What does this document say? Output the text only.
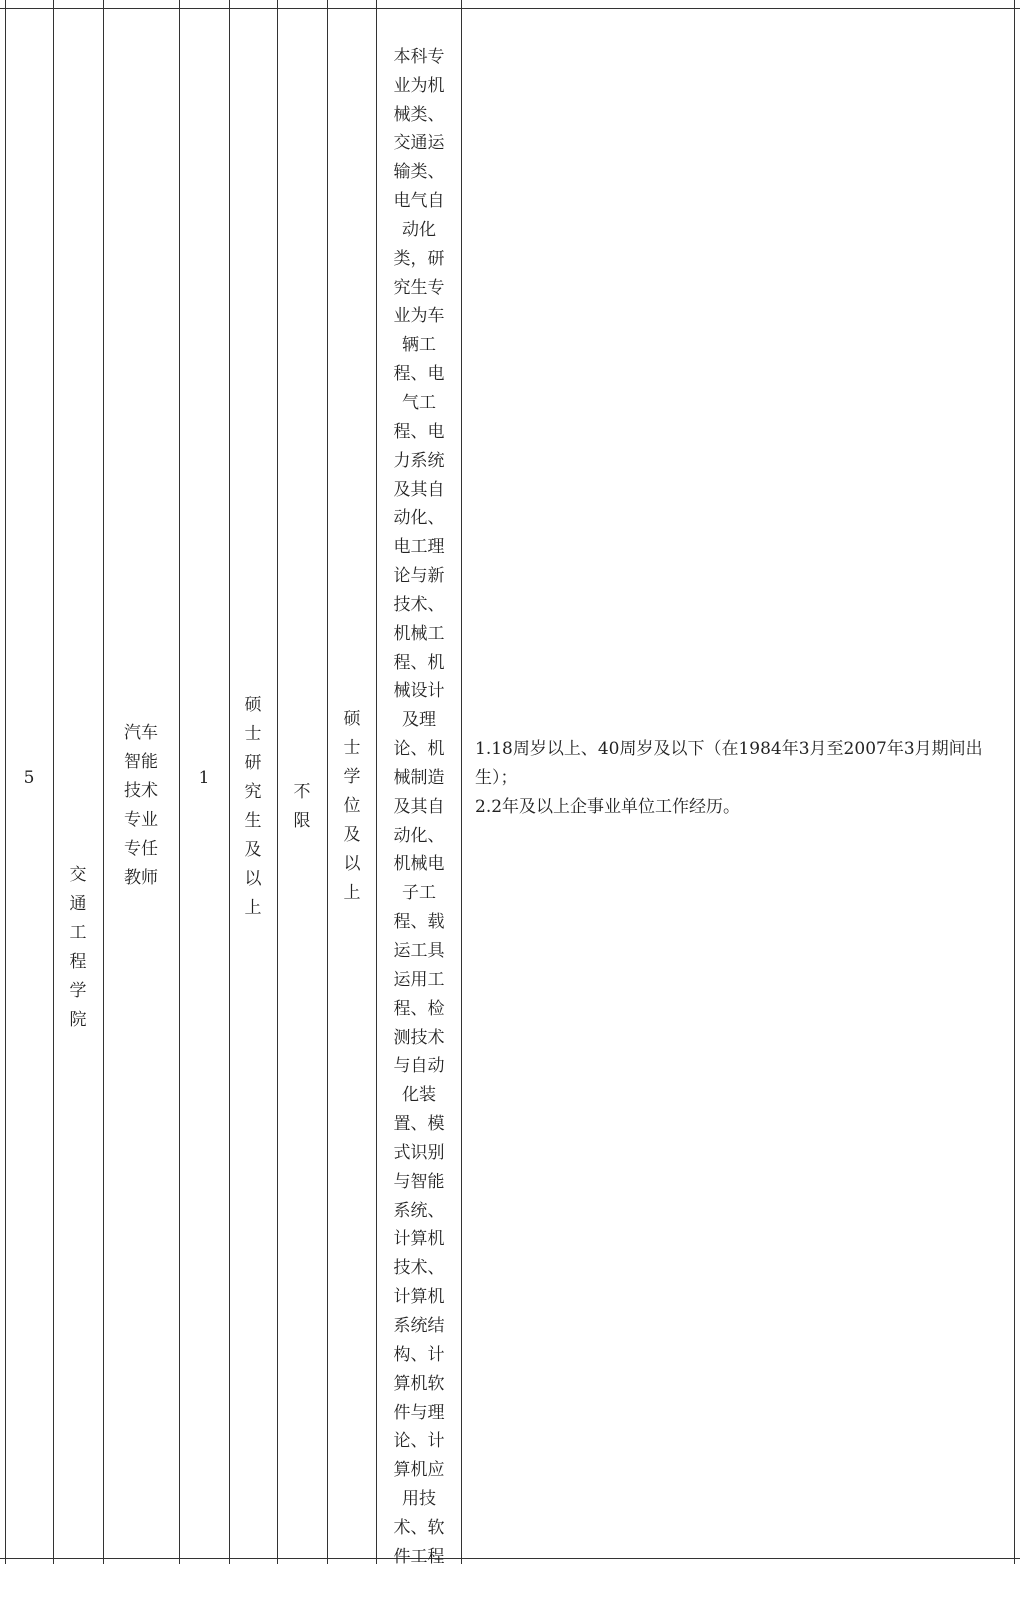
5

交
通
工
程
学
院

汽车
智能
技术
专业
专任
教师

1

硕
士
研
究
生
及
以
上

不
限

硕
士
学
位
及
以
上

本科专
业为机
械类、
交通运
输类、
电气自
动化
类，研
究生专
业为车
辆工
程、电
气工
程、电
力系统
及其自
动化、
电工理
论与新
技术、
机械工
程、机
械设计
及理
论、机
械制造
及其自
动化、
机械电
子工
程、载
运工具
运用工
程、检
测技术
与自动
化装
置、模
式识别
与智能
系统、
计算机
技术、
计算机
系统结
构、计
算机软
件与理
论、计
算机应
用技
术、软
件工程

1.18周岁以上、40周岁及以下（在1984年3月至2007年3月期间出
生）；
2.2年及以上企事业单位工作经历。
